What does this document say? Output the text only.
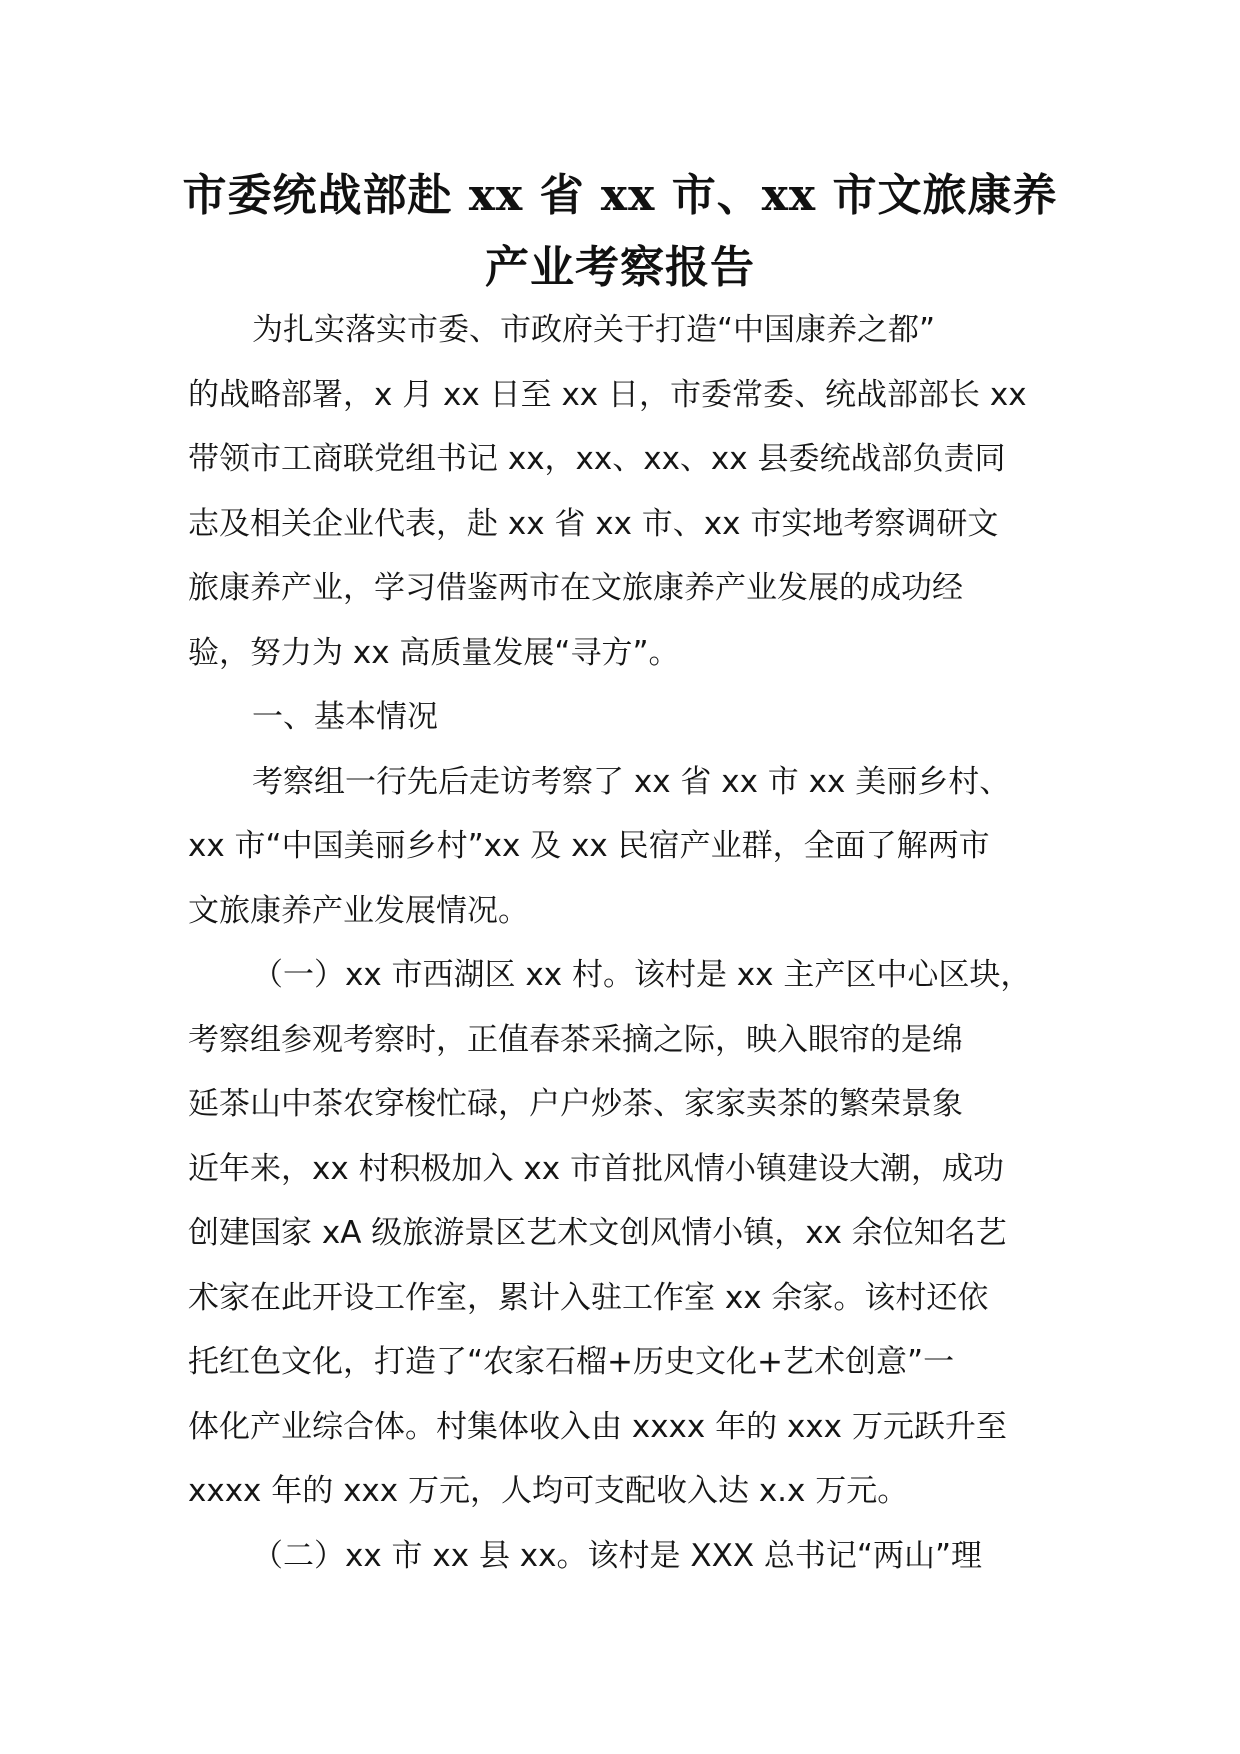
市委统战部赴 xx 省 xx 市、xx 市文旅康养
产业考察报告
为扎实落实市委、市政府关于打造“中国康养之都”
的战略部署，x 月 xx 日至 xx 日，市委常委、统战部部长 xx
带领市工商联党组书记 xx，xx、xx、xx 县委统战部负责同
志及相关企业代表，赴 xx 省 xx 市、xx 市实地考察调研文
旅康养产业，学习借鉴两市在文旅康养产业发展的成功经
验，努力为 xx 高质量发展“寻方”。
一、基本情况
考察组一行先后走访考察了 xx 省 xx 市 xx 美丽乡村、
xx 市“中国美丽乡村”xx 及 xx 民宿产业群，全面了解两市
文旅康养产业发展情况。
（一）xx 市西湖区 xx 村。该村是 xx 主产区中心区块，
考察组参观考察时，正值春茶采摘之际，映入眼帘的是绵
延茶山中茶农穿梭忙碌，户户炒茶、家家卖茶的繁荣景象
近年来，xx 村积极加入 xx 市首批风情小镇建设大潮，成功
创建国家 xA 级旅游景区艺术文创风情小镇，xx 余位知名艺
术家在此开设工作室，累计入驻工作室 xx 余家。该村还依
托红色文化，打造了“农家石榴+历史文化+艺术创意”一
体化产业综合体。村集体收入由 xxxx 年的 xxx 万元跃升至
xxxx 年的 xxx 万元，人均可支配收入达 x.x 万元。
（二）xx 市 xx 县 xx。该村是 XXX 总书记“两山”理
